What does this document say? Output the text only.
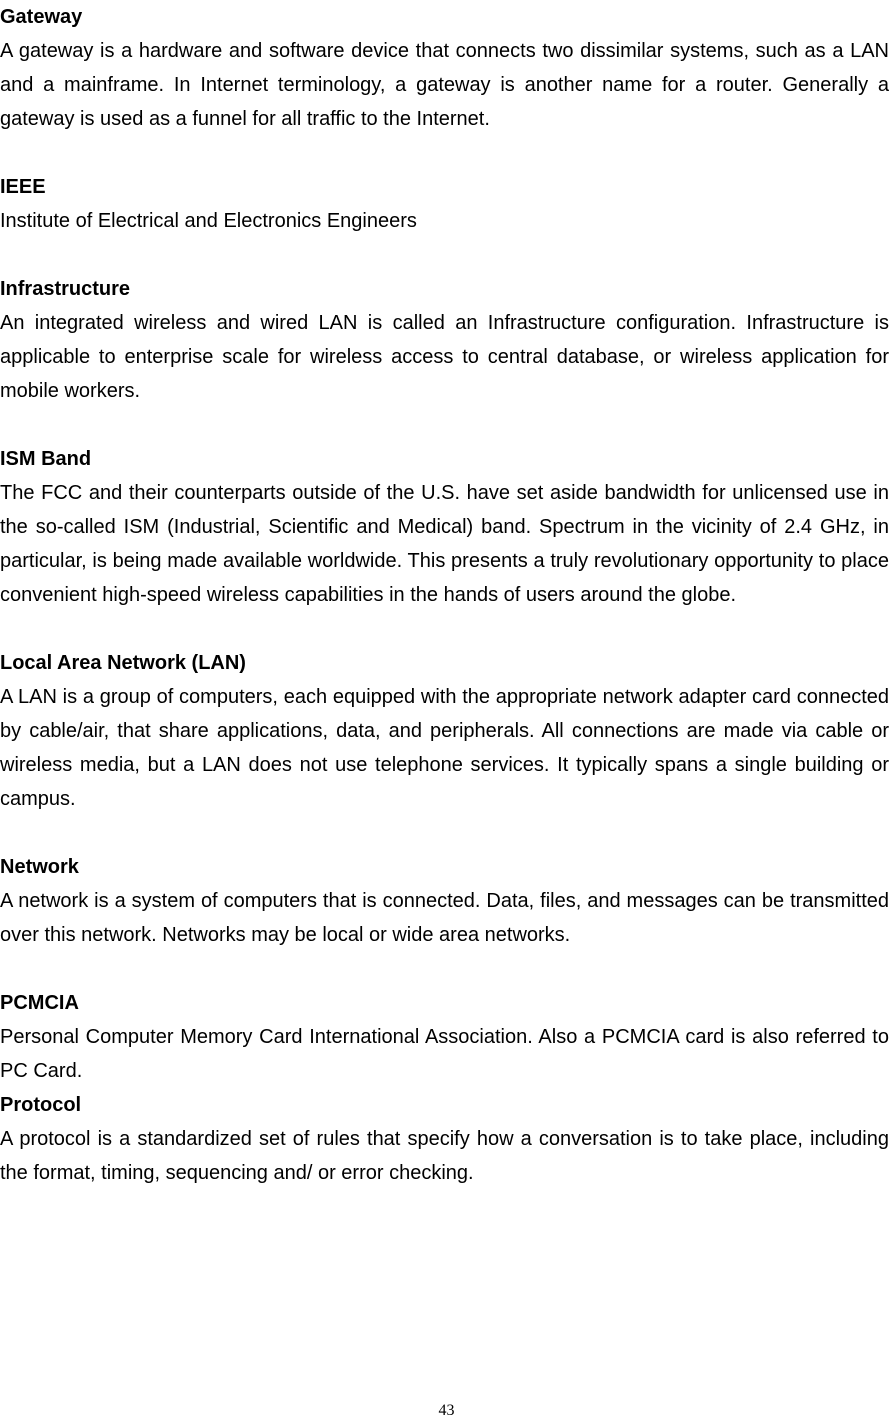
Gateway

A gateway is a hardware and software device that connects two dissimilar systems, such as a LAN and a mainframe. In Internet terminology, a gateway is another name for a router. Generally a gateway is used as a funnel for all traffic to the Internet.

IEEE

Institute of Electrical and Electronics Engineers

Infrastructure

An integrated wireless and wired LAN is called an Infrastructure configuration. Infrastructure is applicable to enterprise scale for wireless access to central database, or wireless application for mobile workers.

ISM Band

The FCC and their counterparts outside of the U.S. have set aside bandwidth for unlicensed use in the so-called ISM (Industrial, Scientific and Medical) band. Spectrum in the vicinity of 2.4 GHz, in particular, is being made available worldwide. This presents a truly revolutionary opportunity to place convenient high-speed wireless capabilities in the hands of users around the globe.

Local Area Network (LAN)

A LAN is a group of computers, each equipped with the appropriate network adapter card connected by cable/air, that share applications, data, and peripherals. All connections are made via cable or wireless media, but a LAN does not use telephone services. It typically spans a single building or campus.

Network

A network is a system of computers that is connected. Data, files, and messages can be transmitted over this network. Networks may be local or wide area networks.

PCMCIA

Personal Computer Memory Card International Association. Also a PCMCIA card is also referred to PC Card.

Protocol

A protocol is a standardized set of rules that specify how a conversation is to take place, including the format, timing, sequencing and/ or error checking.

43
